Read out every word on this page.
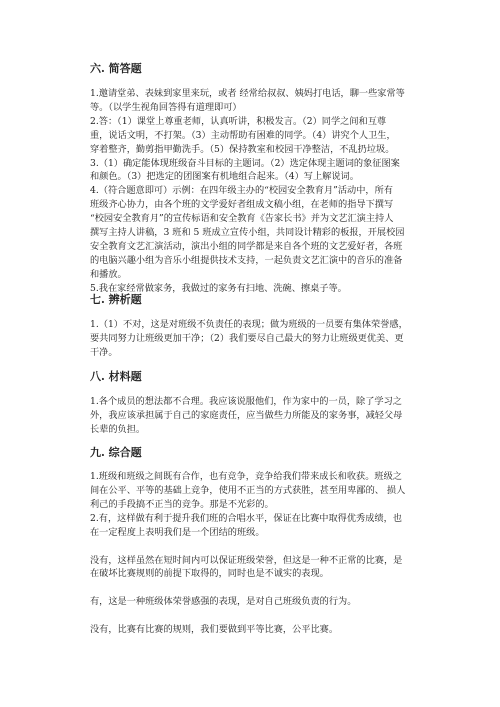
六. 简答题

1.邀请堂弟、表妹到家里来玩，或者 经常给叔叔、姨妈打电话，聊一些家常等
等。（以学生视角回答得有道理即可）

2.答：（1）课堂上尊重老师，认真听讲，积极发言。（2）同学之间和互尊
重，说话文明，不打架。（3）主动帮助有困难的同学。（4）讲究个人卫生，
穿着整齐，勤剪指甲勤洗手。（5）保持教室和校园干净整洁，不乱扔垃圾。

3.（1）确定能体现班级奋斗目标的主题词。（2）选定体现主题词的象征图案
和颜色。（3）把选定的团图案有机地组合起来。（4）写上解说词。

4.（符合题意即可）示例：在四年级主办的“校园安全教育月”活动中，所有
班级齐心协力，由各个班的文学爱好者组成文稿小组，在老师的指导下撰写
“校园安全教育月”的宣传标语和安全教育《告家长书》并为文艺汇演主持人
撰写主持人讲稿，3 班和 5 班成立宣传小组，共同设计精彩的板报，开展校园
安全教育文艺汇演活动，演出小组的同学都是来自各个班的文艺爱好者，各班
的电脑兴趣小组为音乐小组提供技术支持，一起负责文艺汇演中的音乐的准备
和播放。

5.我在家经常做家务，我做过的家务有扫地、洗碗、擦桌子等。

七. 辨析题

1.（1）不对，这是对班级不负责任的表现；做为班级的一员要有集体荣誉感，
要共同努力让班级更加干净；（2）我们要尽自己最大的努力让班级更优美、更
干净。

八. 材料题

1.各个成员的想法都不合理。我应该说服他们，作为家中的一员，除了学习之
外，我应该承担属于自己的家庭责任，应当做些力所能及的家务事，减轻父母
长辈的负担。

九. 综合题

1.班级和班级之间既有合作，也有竞争，竞争给我们带来成长和收获。班级之
间在公平、平等的基础上竞争，使用不正当的方式获胜，甚至用卑鄙的、 损人
利己的手段搞不正当的竞争。那是不光彩的。

2.有，这样做有利于提升我们班的合唱水平，保证在比赛中取得优秀成绩，也
在一定程度上表明我们是一个团结的班级。

没有，这样虽然在短时间内可以保证班级荣誉，但这是一种不正常的比赛，是
在破坏比赛规则的前提下取得的，同时也是不诚实的表现。

有，这是一种班级体荣誉感强的表现，是对自己班级负责的行为。

没有，比赛有比赛的规则，我们要做到平等比赛，公平比赛。
